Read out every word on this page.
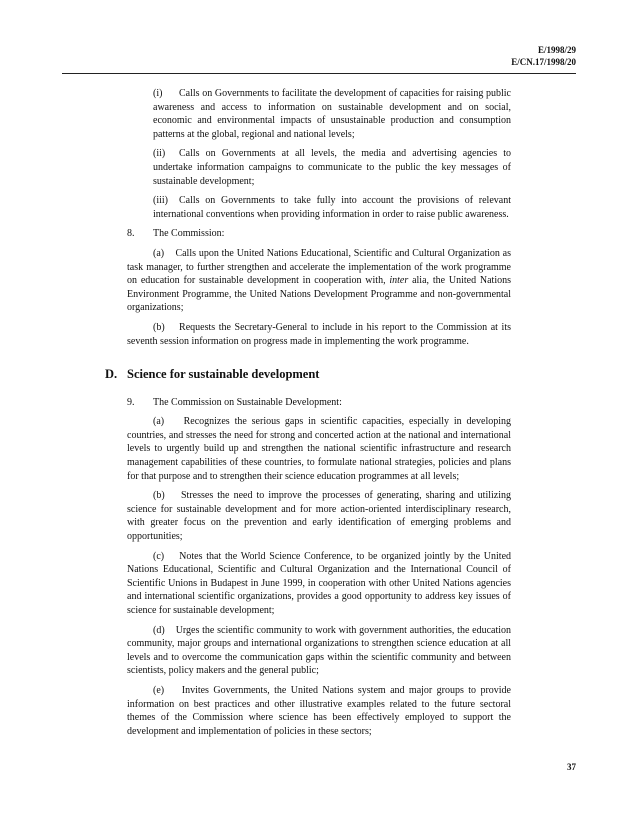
E/1998/29
E/CN.17/1998/20

(i) Calls on Governments to facilitate the development of capacities for raising public awareness and access to information on sustainable development and on social, economic and environmental impacts of unsustainable production and consumption patterns at the global, regional and national levels;

(ii) Calls on Governments at all levels, the media and advertising agencies to undertake information campaigns to communicate to the public the key messages of sustainable development;

(iii) Calls on Governments to take fully into account the provisions of relevant international conventions when providing information in order to raise public awareness.

8. The Commission:

(a) Calls upon the United Nations Educational, Scientific and Cultural Organization as task manager, to further strengthen and accelerate the implementation of the work programme on education for sustainable development in cooperation with, inter alia, the United Nations Environment Programme, the United Nations Development Programme and non-governmental organizations;

(b) Requests the Secretary-General to include in his report to the Commission at its seventh session information on progress made in implementing the work programme.

D. Science for sustainable development

9. The Commission on Sustainable Development:

(a) Recognizes the serious gaps in scientific capacities, especially in developing countries, and stresses the need for strong and concerted action at the national and international levels to urgently build up and strengthen the national scientific infrastructure and research management capabilities of these countries, to formulate national strategies, policies and plans for that purpose and to strengthen their science education programmes at all levels;

(b) Stresses the need to improve the processes of generating, sharing and utilizing science for sustainable development and for more action-oriented interdisciplinary research, with greater focus on the prevention and early identification of emerging problems and opportunities;

(c) Notes that the World Science Conference, to be organized jointly by the United Nations Educational, Scientific and Cultural Organization and the International Council of Scientific Unions in Budapest in June 1999, in cooperation with other United Nations agencies and international scientific organizations, provides a good opportunity to address key issues of science for sustainable development;

(d) Urges the scientific community to work with government authorities, the education community, major groups and international organizations to strengthen science education at all levels and to overcome the communication gaps within the scientific community and between scientists, policy makers and the general public;

(e) Invites Governments, the United Nations system and major groups to provide information on best practices and other illustrative examples related to the future sectoral themes of the Commission where science has been effectively employed to support the development and implementation of policies in these sectors;

37
